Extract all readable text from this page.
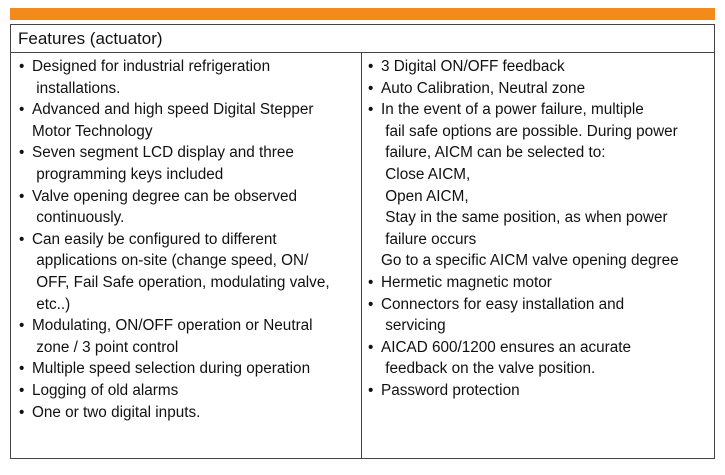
Features (actuator)
• Designed for industrial refrigeration
installations.
• Advanced and high speed Digital Stepper
Motor Technology
• Seven segment LCD display and three
programming keys included
• Valve opening degree can be observed
continuously.
• Can easily be configured to different
applications on-site (change speed, ON/
OFF, Fail Safe operation, modulating valve,
etc..)
• Modulating, ON/OFF operation or Neutral
zone / 3 point control
• Multiple speed selection during operation
• Logging of old alarms
• One or two digital inputs.
• 3 Digital ON/OFF feedback
• Auto Calibration, Neutral zone
• In the event of a power failure, multiple
fail safe options are possible. During power
failure, AICM can be selected to:
Close AICM,
Open AICM,
Stay in the same position, as when power
failure occurs
Go to a specific AICM valve opening degree
• Hermetic magnetic motor
• Connectors for easy installation and
servicing
• AICAD 600/1200 ensures an acurate
feedback on the valve position.
• Password protection
